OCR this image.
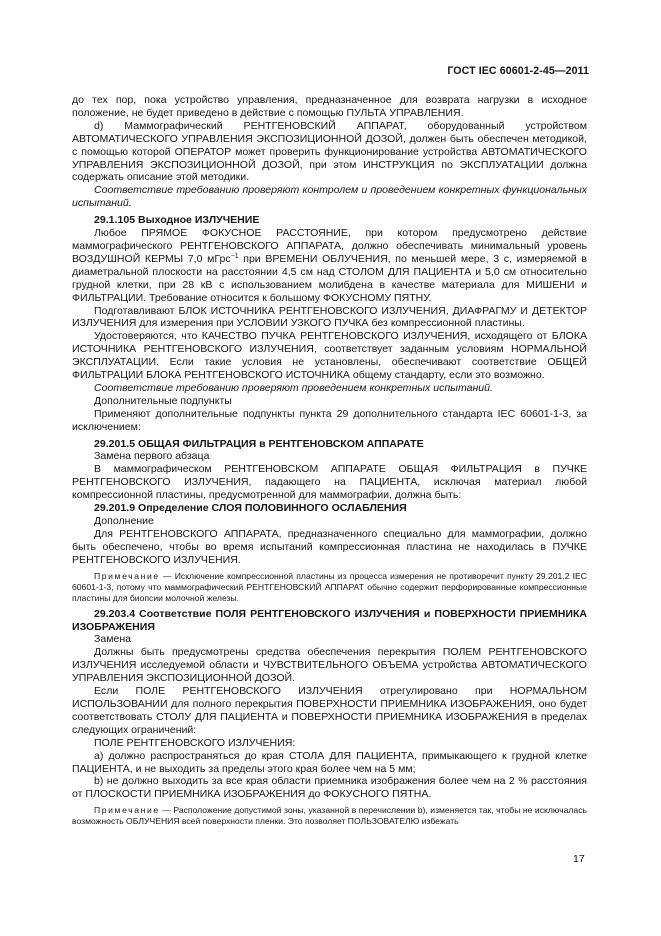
ГОСТ IEC 60601-2-45—2011

до тех пор, пока устройство управления, предназначенное для возврата нагрузки в исходное положение, не будет приведено в действие с помощью ПУЛЬТА УПРАВЛЕНИЯ.

d) Маммографический РЕНТГЕНОВСКИЙ АППАРАТ, оборудованный устройством АВТОМАТИЧЕСКОГО УПРАВЛЕНИЯ ЭКСПОЗИЦИОННОЙ ДОЗОЙ, должен быть обеспечен методикой, с помощью которой ОПЕРАТОР может проверить функционирование устройства АВТОМАТИЧЕСКОГО УПРАВЛЕНИЯ ЭКСПОЗИЦИОННОЙ ДОЗОЙ, при этом ИНСТРУКЦИЯ по ЭКСПЛУАТАЦИИ должна содержать описание этой методики.

Соответствие требованию проверяют контролем и проведением конкретных функциональных испытаний.

29.1.105 Выходное ИЗЛУЧЕНИЕ

Любое ПРЯМОЕ ФОКУСНОЕ РАССТОЯНИЕ, при котором предусмотрено действие маммографического РЕНТГЕНОВСКОГО АППАРАТА, должно обеспечивать минимальный уровень ВОЗДУШНОЙ КЕРМЫ 7,0 мГрс$^{-1}$ при ВРЕМЕНИ ОБЛУЧЕНИЯ, по меньшей мере, 3 с, измеряемой в диаметральной плоскости на расстоянии 4,5 см над СТОЛОМ ДЛЯ ПАЦИЕНТА и 5,0 см относительно грудной клетки, при 28 кВ с использованием молибдена в качестве материала для МИШЕНИ и ФИЛЬТРАЦИИ. Требование относится к большому ФОКУСНОМУ ПЯТНУ.

Подготавливают БЛОК ИСТОЧНИКА РЕНТГЕНОВСКОГО ИЗЛУЧЕНИЯ, ДИАФРАГМУ И ДЕТЕКТОР ИЗЛУЧЕНИЯ для измерения при УСЛОВИИ УЗКОГО ПУЧКА без компрессионной пластины.

Удостоверяются, что КАЧЕСТВО ПУЧКА РЕНТГЕНОВСКОГО ИЗЛУЧЕНИЯ, исходящего от БЛОКА ИСТОЧНИКА РЕНТГЕНОВСКОГО ИЗЛУЧЕНИЯ, соответствует заданным условиям НОРМАЛЬНОЙ ЭКСПЛУАТАЦИИ. Если такие условия не установлены, обеспечивают соответствие ОБЩЕЙ ФИЛЬТРАЦИИ БЛОКА РЕНТГЕНОВСКОГО ИСТОЧНИКА общему стандарту, если это возможно.

Соответствие требованию проверяют проведением конкретных испытаний.

Дополнительные подпункты

Применяют дополнительные подпункты пункта 29 дополнительного стандарта IEC 60601-1-3, за исключением:

29.201.5 ОБЩАЯ ФИЛЬТРАЦИЯ в РЕНТГЕНОВСКОМ АППАРАТЕ

Замена первого абзаца

В маммографическом РЕНТГЕНОВСКОМ АППАРАТЕ ОБЩАЯ ФИЛЬТРАЦИЯ в ПУЧКЕ РЕНТГЕНОВСКОГО ИЗЛУЧЕНИЯ, падающего на ПАЦИЕНТА, исключая материал любой компрессионной пластины, предусмотренной для маммографии, должна быть:

29.201.9 Определение СЛОЯ ПОЛОВИННОГО ОСЛАБЛЕНИЯ

Дополнение

Для РЕНТГЕНОВСКОГО АППАРАТА, предназначенного специально для маммографии, должно быть обеспечено, чтобы во время испытаний компрессионная пластина не находилась в ПУЧКЕ РЕНТГЕНОВСКОГО ИЗЛУЧЕНИЯ.

Примечание — Исключение компрессионной пластины из процесса измерения не противоречит пункту 29.201.2 IEC 60601-1-3, потому что маммографический РЕНТГЕНОВСКИЙ АППАРАТ обычно содержит перфорированные компрессионные пластины для биопсии молочной железы.

29.203.4 Соответствие ПОЛЯ РЕНТГЕНОВСКОГО ИЗЛУЧЕНИЯ и ПОВЕРХНОСТИ ПРИЕМНИКА ИЗОБРАЖЕНИЯ

Замена

Должны быть предусмотрены средства обеспечения перекрытия ПОЛЕМ РЕНТГЕНОВСКОГО ИЗЛУЧЕНИЯ исследуемой области и ЧУВСТВИТЕЛЬНОГО ОБЪЕМА устройства АВТОМАТИЧЕСКОГО УПРАВЛЕНИЯ ЭКСПОЗИЦИОННОЙ ДОЗОЙ.

Если ПОЛЕ РЕНТГЕНОВСКОГО ИЗЛУЧЕНИЯ отрегулировано при НОРМАЛЬНОМ ИСПОЛЬЗОВАНИИ для полного перекрытия ПОВЕРХНОСТИ ПРИЕМНИКА ИЗОБРАЖЕНИЯ, оно будет соответствовать СТОЛУ ДЛЯ ПАЦИЕНТА и ПОВЕРХНОСТИ ПРИЕМНИКА ИЗОБРАЖЕНИЯ в пределах следующих ограничений:

ПОЛЕ РЕНТГЕНОВСКОГО ИЗЛУЧЕНИЯ:

а) должно распространяться до края СТОЛА ДЛЯ ПАЦИЕНТА, примыкающего к грудной клетке ПАЦИЕНТА, и не выходить за пределы этого края более чем на 5 мм;

b) не должно выходить за все края области приемника изображения более чем на 2 % расстояния от ПЛОСКОСТИ ПРИЕМНИКА ИЗОБРАЖЕНИЯ до ФОКУСНОГО ПЯТНА.

Примечание — Расположение допустимой зоны, указанной в перечислении b), изменяется так, чтобы не исключалась возможность ОБЛУЧЕНИЯ всей поверхности пленки. Это позволяет ПОЛЬЗОВАТЕЛЮ избежать

17
